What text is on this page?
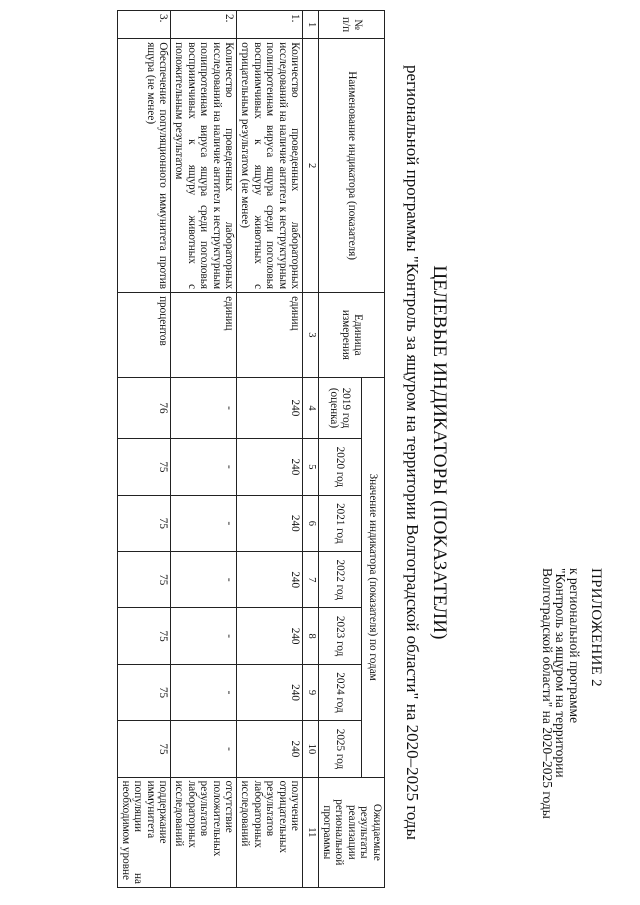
ПРИЛОЖЕНИЕ 2
к региональной программе
"Контроль за ящуром на территории
Волгоградской области" на 2020–2025 годы
ЦЕЛЕВЫЕ ИНДИКАТОРЫ (ПОКАЗАТЕЛИ)
региональной программы "Контроль за ящуром на территории Волгоградской области" на 2020–2025 годы
№ п/п	Наименование индикатора (показателя)	Единица измерения	Значение индикатора (показателя) по годам							Ожидаемые результаты реализации региональной программы
			2019 год (оценка)	2020 год	2021 год	2022 год	2023 год	2024 год	2025 год	
1	2	3	4	5	6	7	8	9	10	11
1.	Количество проведенных лабораторных исследований на наличие антител к неструктурным полипротеинам вируса ящура среди поголовья восприимчивых к ящуру животных с отрицательным результатом (не менее)	единиц	240	240	240	240	240	240	240	получение отрицательных результатов лабораторных исследований
2.	Количество проведенных лабораторных исследований на наличие антител к неструктурным полипротеинам вируса ящура среди поголовья восприимчивых к ящуру животных с положительным результатом	единиц	-	-	-	-	-	-	-	отсутствие положительных результатов лабораторных исследований
3.	Обеспечение популяционного иммунитета против ящура (не менее)	процентов	76	75	75	75	75	75	75	поддержание иммунитета популяции на необходимом уровне
